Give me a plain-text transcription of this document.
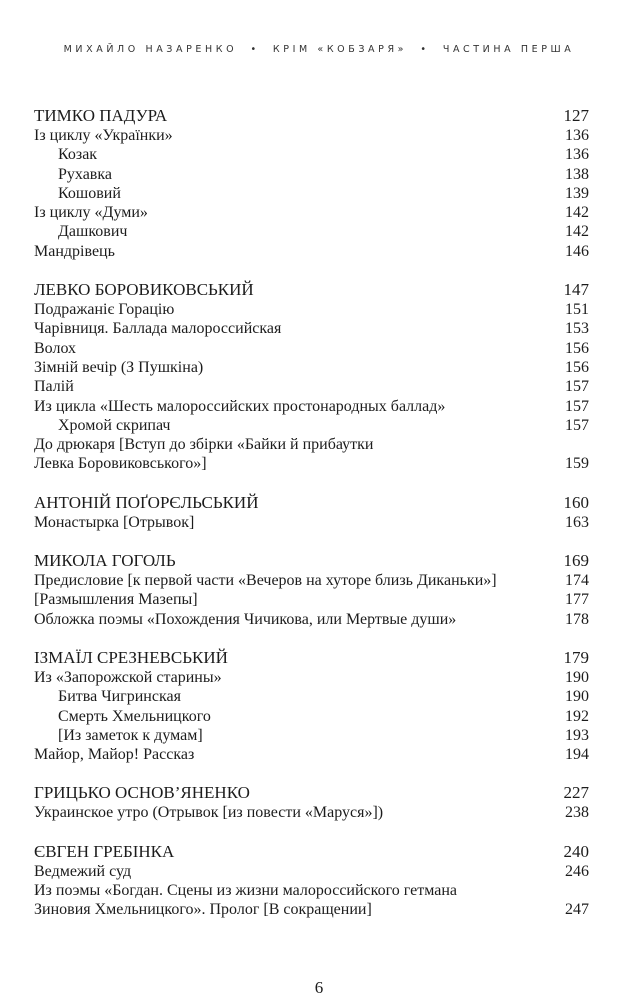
МИХАЙЛО НАЗАРЕНКО • КРІМ «КОБЗАРЯ» • ЧАСТИНА ПЕРША
ТИМКО ПАДУРА	127
Із циклу «Українки»	136
Козак	136
Рухавка	138
Кошовий	139
Із циклу «Думи»	142
Дашкович	142
Мандрівець	146
ЛЕВКО БОРОВИКОВСЬКИЙ	147
Подражаніє Горацію	151
Чарівниця. Баллада малороссийская	153
Волох	156
Зімній вечір (З Пушкіна)	156
Палій	157
Из цикла «Шесть малороссийских простонародных баллад»	157
Хромой скрипач	157
До дрюкаря [Вступ до збірки «Байки й прибаутки
Левка Боровиковського»]	159
АНТОНІЙ ПОҐОРЄЛЬСЬКИЙ	160
Монастырка [Отрывок]	163
МИКОЛА ГОГОЛЬ	169
Предисловие [к первой части «Вечеров на хуторе близь Диканьки»]	174
[Размышления Мазепы]	177
Обложка поэмы «Похождения Чичикова, или Мертвые души»	178
ІЗМАЇЛ СРЕЗНЕВСЬКИЙ	179
Из «Запорожской старины»	190
Битва Чигринская	190
Смерть Хмельницкого	192
[Из заметок к думам]	193
Майор, Майор! Рассказ	194
ГРИЦЬКО ОСНОВ’ЯНЕНКО	227
Украинское утро (Отрывок [из повести «Маруся»])	238
ЄВГЕН ГРЕБІНКА	240
Ведмежий суд	246
Из поэмы «Богдан. Сцены из жизни малороссийского гетмана
Зиновия Хмельницкого». Пролог [В сокращении]	247
6
